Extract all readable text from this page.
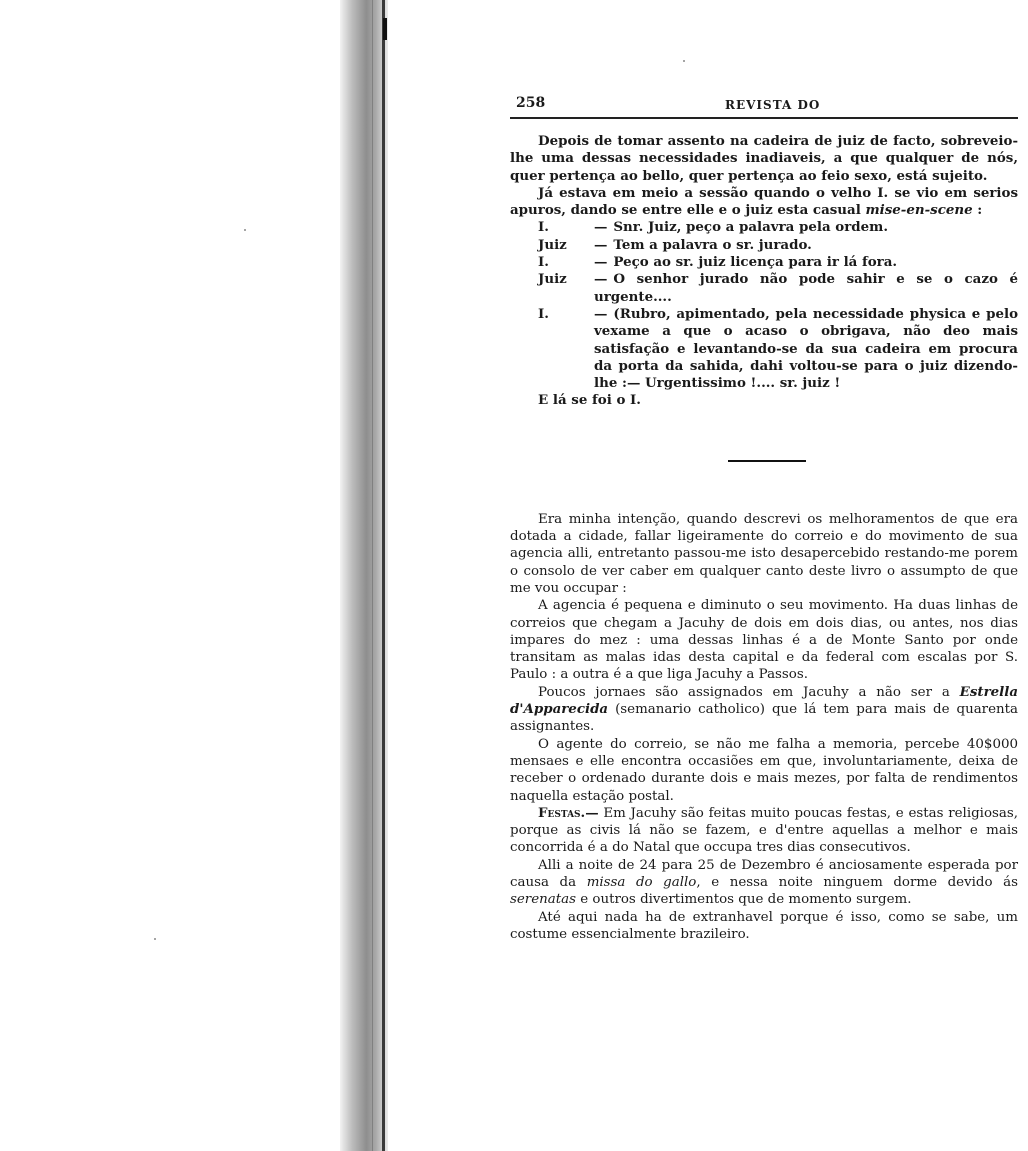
258	REVISTA DO

Depois de tomar assento na cadeira de juiz de facto, sobreveio-lhe uma dessas necessidades inadiaveis, a que qualquer de nós, quer pertença ao bello, quer pertença ao feio sexo, está sujeito.

Já estava em meio a sessão quando o velho I. se vio em serios apuros, dando se entre elle e o juiz esta casual mise-en-scene :

I.	— Snr. Juiz, peço a palavra pela ordem.
Juiz	— Tem a palavra o sr. jurado.
I.	— Peço ao sr. juiz licença para ir lá fora.
Juiz	— O senhor jurado não pode sahir e se o cazo é urgente....
I.	— (Rubro, apimentado, pela necessidade physica e pelo vexame a que o acaso o obrigava, não deo mais satisfação e levantando-se da sua cadeira em procura da porta da sahida, dahi voltou-se para o juiz dizendo-lhe :— Urgentissimo !.... sr. juiz !

E lá se foi o I.

Era minha intenção, quando descrevi os melhoramentos de que era dotada a cidade, fallar ligeiramente do correio e do movimento de sua agencia alli, entretanto passou-me isto desapercebido restando-me porem o consolo de ver caber em qualquer canto deste livro o assumpto de que me vou occupar :

A agencia é pequena e diminuto o seu movimento. Ha duas linhas de correios que chegam a Jacuhy de dois em dois dias, ou antes, nos dias impares do mez : uma dessas linhas é a de Monte Santo por onde transitam as malas idas desta capital e da federal com escalas por S. Paulo : a outra é a que liga Jacuhy a Passos.

Poucos jornaes são assignados em Jacuhy a não ser a Estrella d'Apparecida (semanario catholico) que lá tem para mais de quarenta assignantes.

O agente do correio, se não me falha a memoria, percebe 40$000 mensaes e elle encontra occasiões em que, involuntariamente, deixa de receber o ordenado durante dois e mais mezes, por falta de rendimentos naquella estação postal.

Festas.— Em Jacuhy são feitas muito poucas festas, e estas religiosas, porque as civis lá não se fazem, e d'entre aquellas a melhor e mais concorrida é a do Natal que occupa tres dias consecutivos.

Alli a noite de 24 para 25 de Dezembro é anciosamente esperada por causa da missa do gallo, e nessa noite ninguem dorme devido ás serenatas e outros divertimentos que de momento surgem.

Até aqui nada ha de extranhavel porque é isso, como se sabe, um costume essencialmente brazileiro.
